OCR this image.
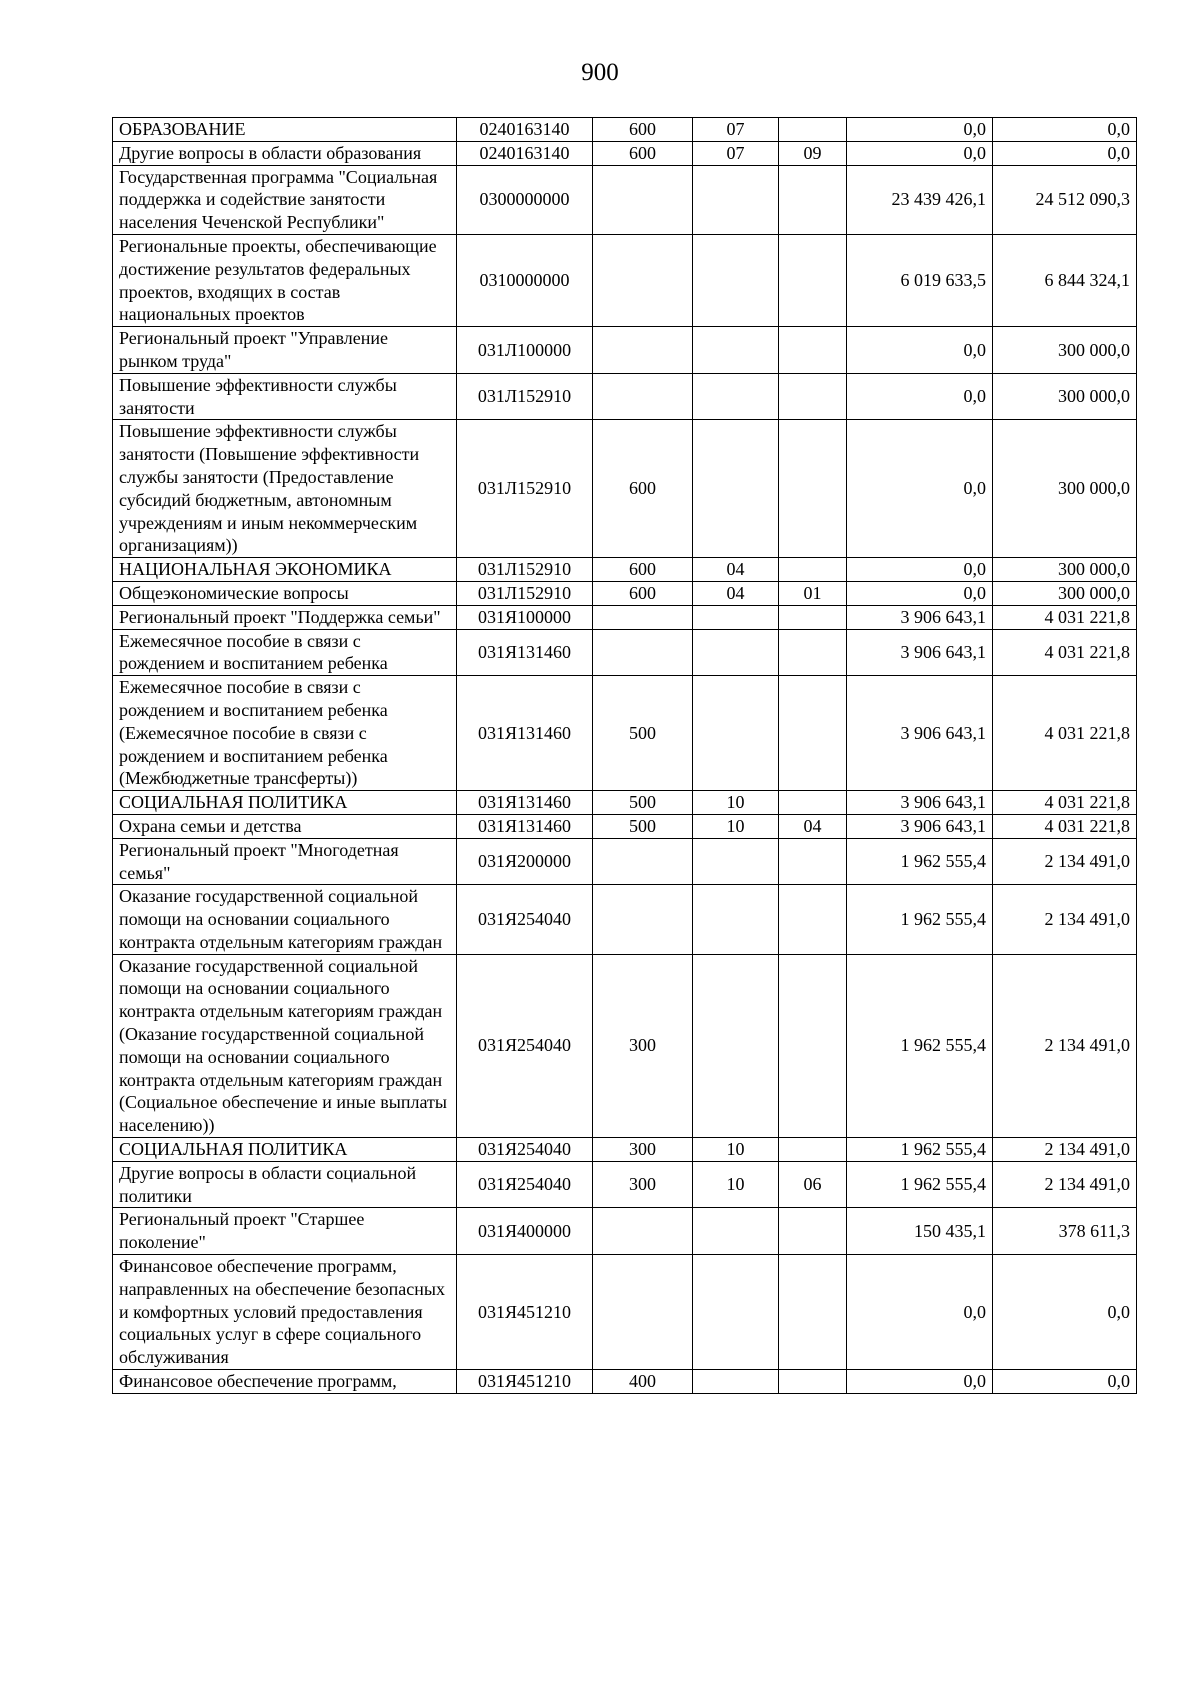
900
ОБРАЗОВАНИЕ	0240163140	600	07		0,0	0,0
Другие вопросы в области образования	0240163140	600	07	09	0,0	0,0
Государственная программа "Социальная поддержка и содействие занятости населения Чеченской Республики"	0300000000				23 439 426,1	24 512 090,3
Региональные проекты, обеспечивающие достижение результатов федеральных проектов, входящих в состав национальных проектов	0310000000				6 019 633,5	6 844 324,1
Региональный проект "Управление рынком труда"	031Л100000				0,0	300 000,0
Повышение эффективности службы занятости	031Л152910				0,0	300 000,0
Повышение эффективности службы занятости (Повышение эффективности службы занятости (Предоставление субсидий бюджетным, автономным учреждениям и иным некоммерческим организациям))	031Л152910	600			0,0	300 000,0
НАЦИОНАЛЬНАЯ ЭКОНОМИКА	031Л152910	600	04		0,0	300 000,0
Общеэкономические вопросы	031Л152910	600	04	01	0,0	300 000,0
Региональный проект "Поддержка семьи"	031Я100000				3 906 643,1	4 031 221,8
Ежемесячное пособие в связи с рождением и воспитанием ребенка	031Я131460				3 906 643,1	4 031 221,8
Ежемесячное пособие в связи с рождением и воспитанием ребенка (Ежемесячное пособие в связи с рождением и воспитанием ребенка (Межбюджетные трансферты))	031Я131460	500			3 906 643,1	4 031 221,8
СОЦИАЛЬНАЯ ПОЛИТИКА	031Я131460	500	10		3 906 643,1	4 031 221,8
Охрана семьи и детства	031Я131460	500	10	04	3 906 643,1	4 031 221,8
Региональный проект "Многодетная семья"	031Я200000				1 962 555,4	2 134 491,0
Оказание государственной социальной помощи на основании социального контракта отдельным категориям граждан	031Я254040				1 962 555,4	2 134 491,0
Оказание государственной социальной помощи на основании социального контракта отдельным категориям граждан (Оказание государственной социальной помощи на основании социального контракта отдельным категориям граждан (Социальное обеспечение и иные выплаты населению))	031Я254040	300			1 962 555,4	2 134 491,0
СОЦИАЛЬНАЯ ПОЛИТИКА	031Я254040	300	10		1 962 555,4	2 134 491,0
Другие вопросы в области социальной политики	031Я254040	300	10	06	1 962 555,4	2 134 491,0
Региональный проект "Старшее поколение"	031Я400000				150 435,1	378 611,3
Финансовое обеспечение программ, направленных на обеспечение безопасных и комфортных условий предоставления социальных услуг в сфере социального обслуживания	031Я451210				0,0	0,0
Финансовое обеспечение программ,	031Я451210	400			0,0	0,0
